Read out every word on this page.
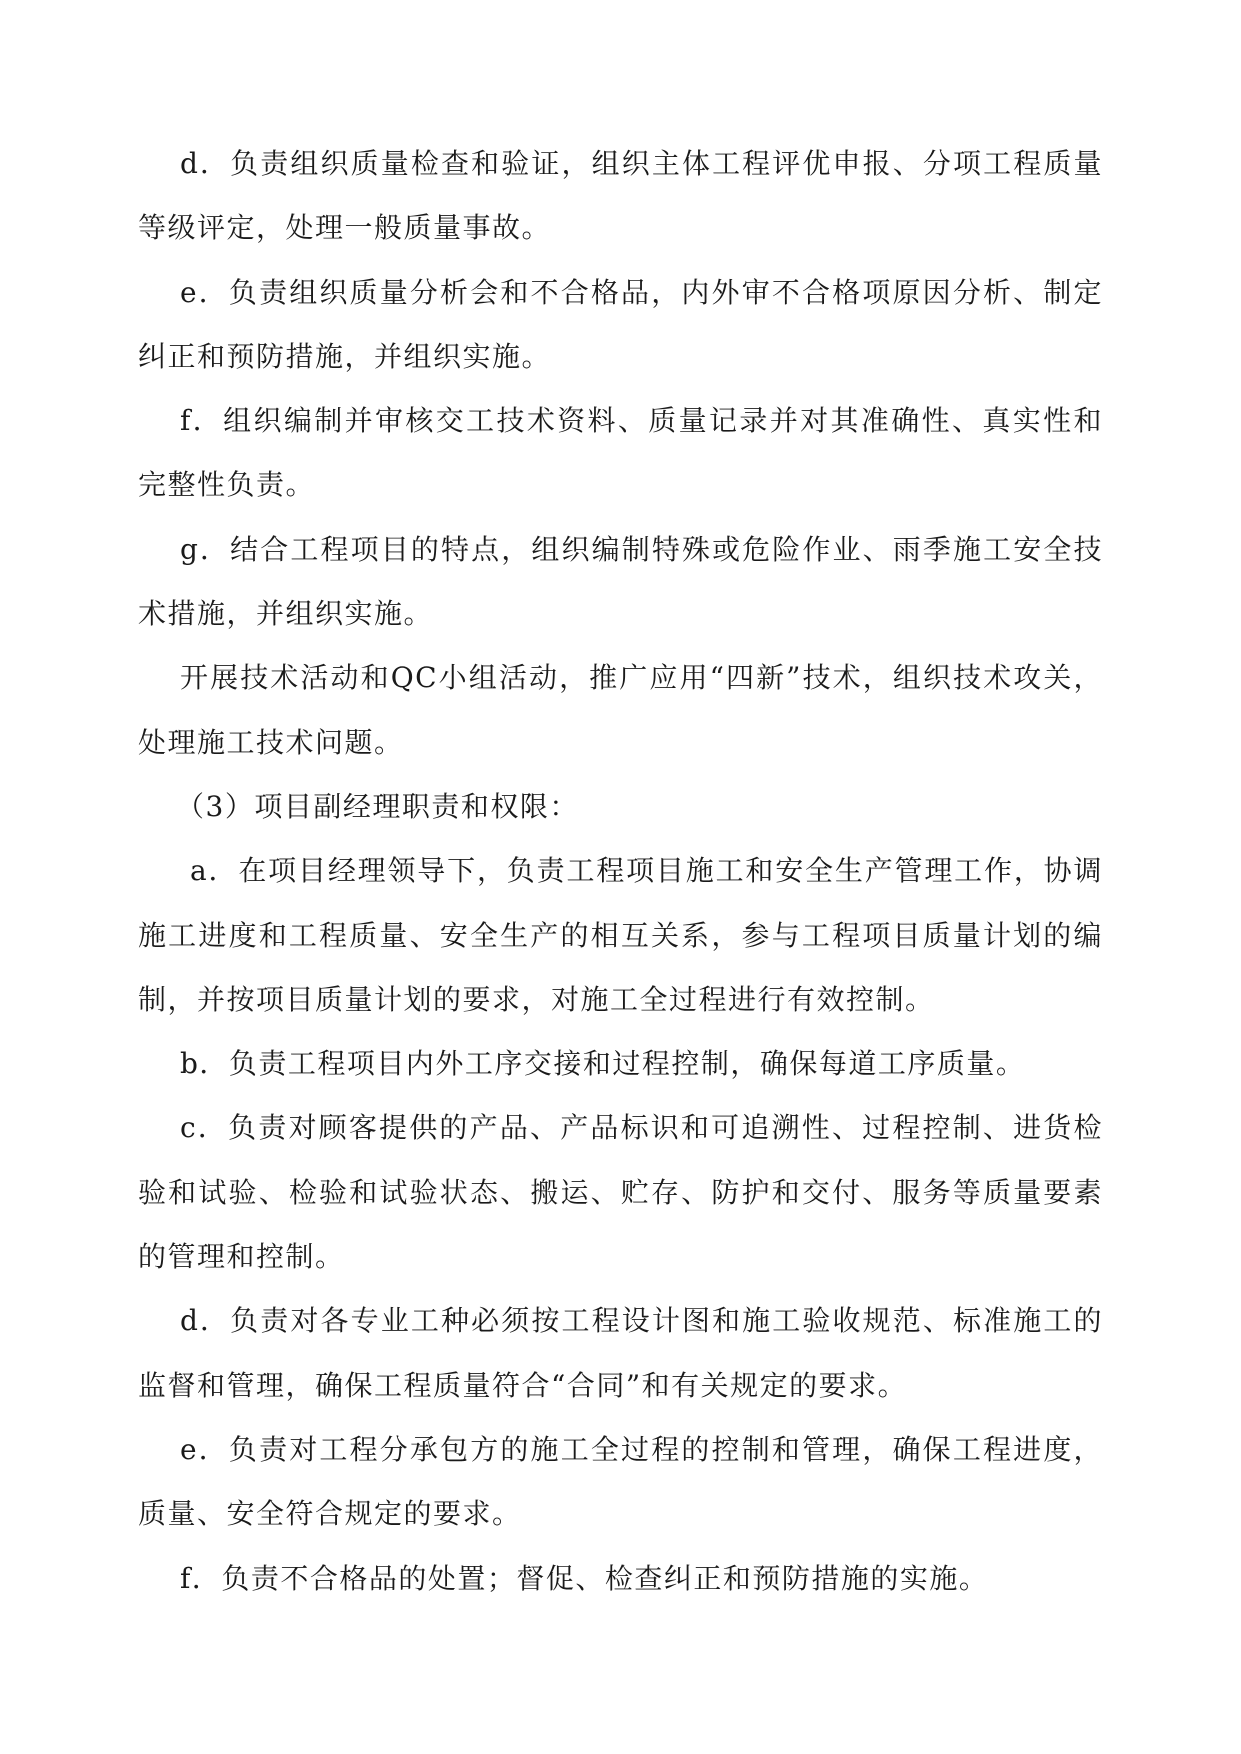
d．负责组织质量检查和验证，组织主体工程评优申报、分项工程质量等级评定，处理一般质量事故。

e．负责组织质量分析会和不合格品，内外审不合格项原因分析、制定纠正和预防措施，并组织实施。

f．组织编制并审核交工技术资料、质量记录并对其准确性、真实性和完整性负责。

g．结合工程项目的特点，组织编制特殊或危险作业、雨季施工安全技术措施，并组织实施。

开展技术活动和QC小组活动，推广应用“四新”技术，组织技术攻关，处理施工技术问题。

（3）项目副经理职责和权限：

a．在项目经理领导下，负责工程项目施工和安全生产管理工作，协调施工进度和工程质量、安全生产的相互关系，参与工程项目质量计划的编制，并按项目质量计划的要求，对施工全过程进行有效控制。

b．负责工程项目内外工序交接和过程控制，确保每道工序质量。

c．负责对顾客提供的产品、产品标识和可追溯性、过程控制、进货检验和试验、检验和试验状态、搬运、贮存、防护和交付、服务等质量要素的管理和控制。

d．负责对各专业工种必须按工程设计图和施工验收规范、标准施工的监督和管理，确保工程质量符合“合同”和有关规定的要求。

e．负责对工程分承包方的施工全过程的控制和管理，确保工程进度，质量、安全符合规定的要求。

f．负责不合格品的处置；督促、检查纠正和预防措施的实施。
